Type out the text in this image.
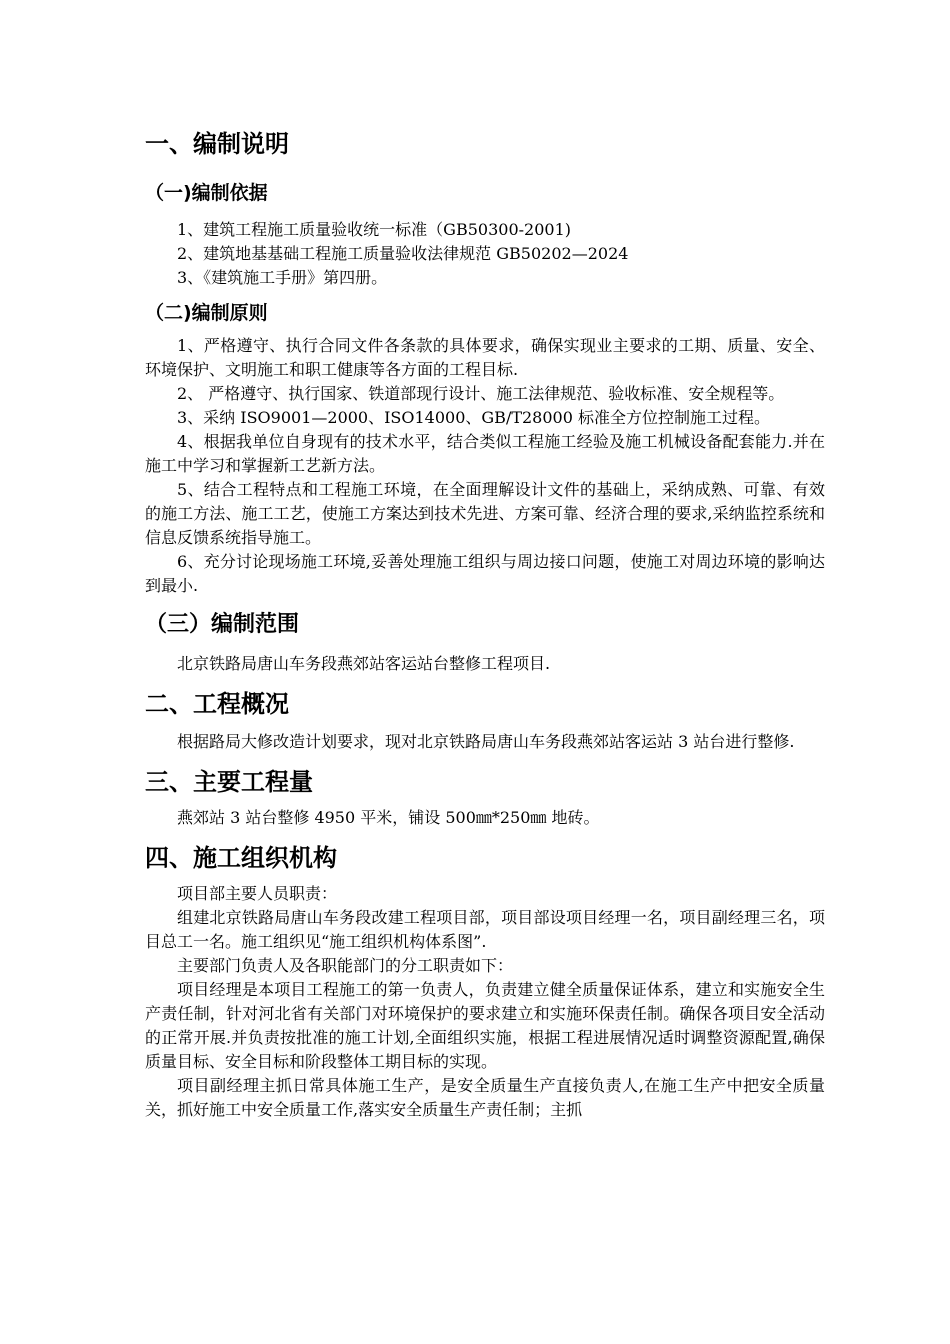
一、编制说明
（一)编制依据

1、建筑工程施工质量验收统一标准（GB50300-2001)

2、建筑地基基础工程施工质量验收法律规范 GB50202—2024

3、《建筑施工手册》第四册。

（二)编制原则

1、严格遵守、执行合同文件各条款的具体要求，确保实现业主要求的工期、质量、安全、环境保护、文明施工和职工健康等各方面的工程目标.

2、 严格遵守、执行国家、铁道部现行设计、施工法律规范、验收标准、安全规程等。

3、采纳 ISO9001—2000、ISO14000、GB/T28000 标准全方位控制施工过程。

4、根据我单位自身现有的技术水平，结合类似工程施工经验及施工机械设备配套能力.并在施工中学习和掌握新工艺新方法。

5、结合工程特点和工程施工环境，在全面理解设计文件的基础上，采纳成熟、可靠、有效的施工方法、施工工艺，使施工方案达到技术先进、方案可靠、经济合理的要求,采纳监控系统和信息反馈系统指导施工。

6、充分讨论现场施工环境,妥善处理施工组织与周边接口问题，使施工对周边环境的影响达到最小.

（三）编制范围

北京铁路局唐山车务段燕郊站客运站台整修工程项目.

二、工程概况

根据路局大修改造计划要求，现对北京铁路局唐山车务段燕郊站客运站 3 站台进行整修.

三、主要工程量

燕郊站 3 站台整修 4950 平米，铺设 500㎜*250㎜ 地砖。

四、施工组织机构

项目部主要人员职责：

组建北京铁路局唐山车务段改建工程项目部，项目部设项目经理一名，项目副经理三名，项目总工一名。施工组织见“施工组织机构体系图”.

主要部门负责人及各职能部门的分工职责如下：

项目经理是本项目工程施工的第一负责人，负责建立健全质量保证体系，建立和实施安全生产责任制，针对河北省有关部门对环境保护的要求建立和实施环保责任制。确保各项目安全活动的正常开展.并负责按批准的施工计划,全面组织实施，根据工程进展情况适时调整资源配置,确保质量目标、安全目标和阶段整体工期目标的实现。

项目副经理主抓日常具体施工生产，是安全质量生产直接负责人,在施工生产中把安全质量关，抓好施工中安全质量工作,落实安全质量生产责任制；主抓
